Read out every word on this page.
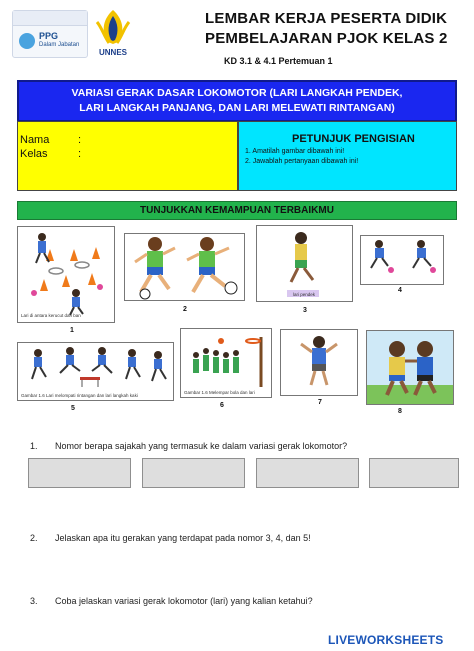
PPG
Dalam Jabatan
UNNES
LEMBAR KERJA PESERTA DIDIK
PEMBELAJARAN PJOK KELAS 2
KD 3.1 & 4.1 Pertemuan 1
VARIASI GERAK DASAR LOKOMOTOR (LARI LANGKAH PENDEK,
LARI LANGKAH PANJANG, DAN LARI MELEWATI RINTANGAN)
Nama	:
Kelas	:
PETUNJUK PENGISIAN
1. Amatilah gambar dibawah ini!
2. Jawablah pertanyaan dibawah ini!
TUNJUKKAN KEMAMPUAN TERBAIKMU
Lari di antara kerucut dan ban
1
2
lari pendek
3
4
Gambar 1.6 Lari melompati rintangan dan lari langkah kaki
5
Gambar 1.6 Melempar bola dan lari
6	7
8
1. Nomor berapa sajakah yang termasuk ke dalam variasi gerak lokomotor?
2. Jelaskan apa itu gerakan yang terdapat pada nomor 3, 4, dan 5!
3. Coba jelaskan variasi gerak lokomotor (lari) yang kalian ketahui?
LIVEWORKSHEETS
